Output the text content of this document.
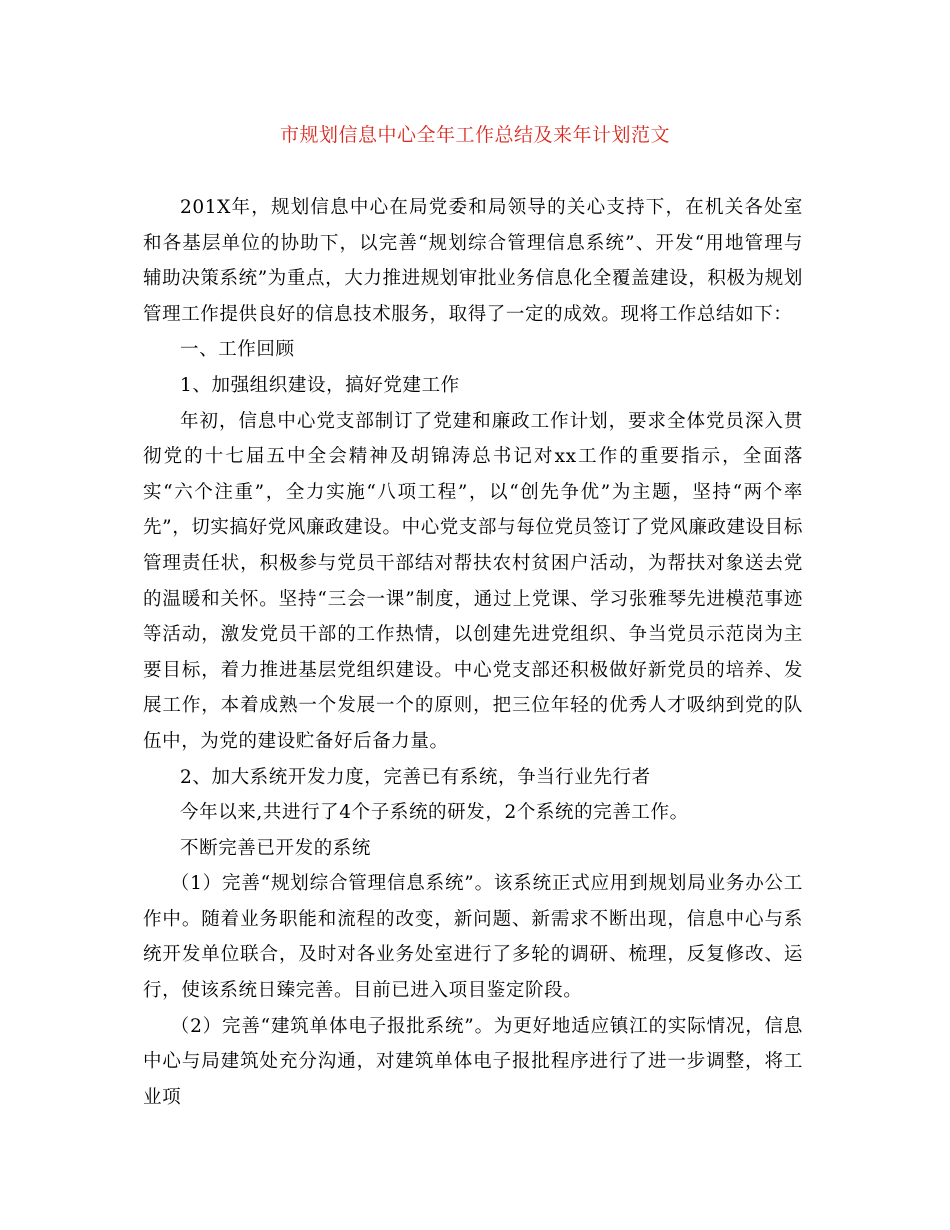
市规划信息中心全年工作总结及来年计划范文

201X年，规划信息中心在局党委和局领导的关心支持下，在机关各处室和各基层单位的协助下，以完善“规划综合管理信息系统”、开发“用地管理与辅助决策系统”为重点，大力推进规划审批业务信息化全覆盖建设，积极为规划管理工作提供良好的信息技术服务，取得了一定的成效。现将工作总结如下：

一、工作回顾

1、加强组织建设，搞好党建工作

年初，信息中心党支部制订了党建和廉政工作计划，要求全体党员深入贯彻党的十七届五中全会精神及胡锦涛总书记对xx工作的重要指示，全面落实“六个注重”，全力实施“八项工程”，以“创先争优”为主题，坚持“两个率先”，切实搞好党风廉政建设。中心党支部与每位党员签订了党风廉政建设目标管理责任状，积极参与党员干部结对帮扶农村贫困户活动，为帮扶对象送去党的温暖和关怀。坚持“三会一课”制度，通过上党课、学习张雅琴先进模范事迹等活动，激发党员干部的工作热情，以创建先进党组织、争当党员示范岗为主要目标，着力推进基层党组织建设。中心党支部还积极做好新党员的培养、发展工作，本着成熟一个发展一个的原则，把三位年轻的优秀人才吸纳到党的队伍中，为党的建设贮备好后备力量。

2、加大系统开发力度，完善已有系统，争当行业先行者

今年以来,共进行了4个子系统的研发，2个系统的完善工作。

不断完善已开发的系统

（1）完善“规划综合管理信息系统”。该系统正式应用到规划局业务办公工作中。随着业务职能和流程的改变，新问题、新需求不断出现，信息中心与系统开发单位联合，及时对各业务处室进行了多轮的调研、梳理，反复修改、运行，使该系统日臻完善。目前已进入项目鉴定阶段。

（2）完善“建筑单体电子报批系统”。为更好地适应镇江的实际情况，信息中心与局建筑处充分沟通，对建筑单体电子报批程序进行了进一步调整，将工业项
